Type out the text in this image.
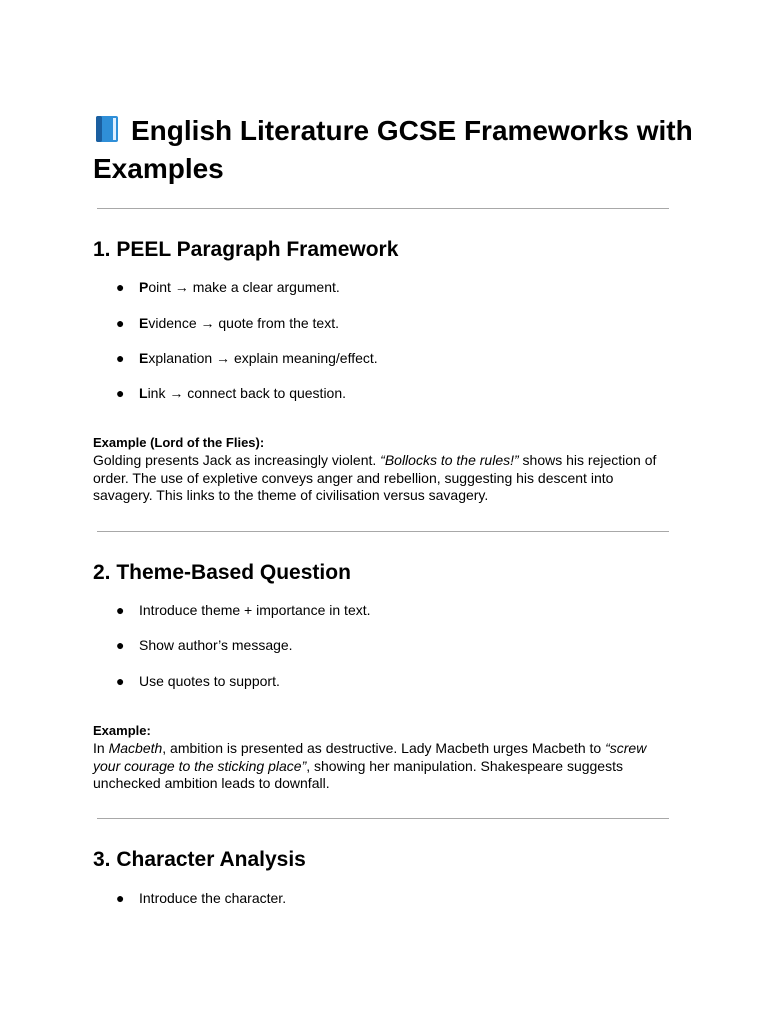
English Literature GCSE Frameworks with Examples
1. PEEL Paragraph Framework
● Point → make a clear argument.
● Evidence → quote from the text.
● Explanation → explain meaning/effect.
● Link → connect back to question.
Example (Lord of the Flies):

Golding presents Jack as increasingly violent. “Bollocks to the rules!” shows his rejection of order. The use of expletive conveys anger and rebellion, suggesting his descent into savagery. This links to the theme of civilisation versus savagery.

2. Theme-Based Question
● Introduce theme + importance in text.
● Show author’s message.
● Use quotes to support.
Example:

In Macbeth, ambition is presented as destructive. Lady Macbeth urges Macbeth to “screw your courage to the sticking place”, showing her manipulation. Shakespeare suggests unchecked ambition leads to downfall.

3. Character Analysis
● Introduce the character.
